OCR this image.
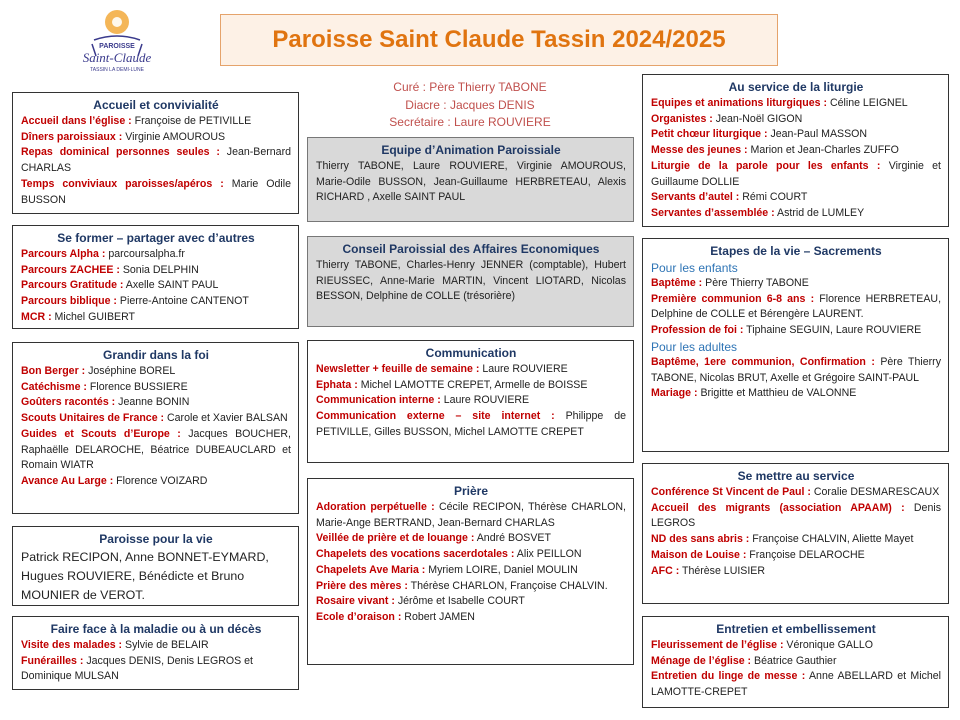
PAROISSE
Saint-Claude
TASSIN LA DEMI-LUNE
Paroisse Saint Claude Tassin 2024/2025
Curé : Père Thierry TABONE
Diacre : Jacques DENIS
Secrétaire : Laure ROUVIERE
Accueil et convivialité

Accueil dans l’église : Françoise de PETIVILLE

Dîners paroissiaux : Virginie AMOUROUS

Repas dominical personnes seules : Jean-Bernard CHARLAS

Temps conviviaux paroisses/apéros : Marie Odile BUSSON

Se former – partager avec d’autres

Parcours Alpha : parcoursalpha.fr

Parcours ZACHEE : Sonia DELPHIN

Parcours Gratitude : Axelle SAINT PAUL

Parcours biblique : Pierre-Antoine CANTENOT

MCR : Michel GUIBERT

Grandir dans la foi

Bon Berger : Joséphine BOREL

Catéchisme : Florence BUSSIERE

Goûters racontés : Jeanne BONIN

Scouts Unitaires de France : Carole et Xavier BALSAN

Guides et Scouts d’Europe : Jacques BOUCHER, Raphaëlle DELAROCHE, Béatrice DUBEAUCLARD et Romain WIATR

Avance Au Large : Florence VOIZARD

Paroisse pour la vie

Patrick RECIPON, Anne BONNET-EYMARD, Hugues ROUVIERE, Bénédicte et Bruno MOUNIER de VEROT.

Faire face à la maladie ou à un décès

Visite des malades : Sylvie de BELAIR

Funérailles : Jacques DENIS, Denis LEGROS et Dominique MULSAN

Equipe d’Animation Paroissiale

Thierry TABONE, Laure ROUVIERE, Virginie AMOUROUS, Marie-Odile BUSSON, Jean-Guillaume HERBRETEAU, Alexis RICHARD , Axelle SAINT PAUL

Conseil Paroissial des Affaires Economiques

Thierry TABONE, Charles-Henry JENNER (comptable), Hubert RIEUSSEC, Anne-Marie MARTIN, Vincent LIOTARD, Nicolas BESSON, Delphine de COLLE (trésorière)

Communication

Newsletter + feuille de semaine : Laure ROUVIERE

Ephata : Michel LAMOTTE CREPET, Armelle de BOISSE

Communication interne : Laure ROUVIERE

Communication externe – site internet : Philippe de PETIVILLE, Gilles BUSSON, Michel LAMOTTE CREPET

Prière

Adoration perpétuelle : Cécile RECIPON, Thérèse CHARLON, Marie-Ange BERTRAND, Jean-Bernard CHARLAS

Veillée de prière et de louange : André BOSVET

Chapelets des vocations sacerdotales : Alix PEILLON

Chapelets Ave Maria : Myriem LOIRE, Daniel MOULIN

Prière des mères : Thérèse CHARLON, Françoise CHALVIN.

Rosaire vivant : Jérôme et Isabelle COURT

Ecole d’oraison : Robert JAMEN

Au service de la liturgie

Equipes et animations liturgiques : Céline LEIGNEL

Organistes : Jean-Noël GIGON

Petit chœur liturgique : Jean-Paul MASSON

Messe des jeunes : Marion et Jean-Charles ZUFFO

Liturgie de la parole pour les enfants : Virginie et Guillaume DOLLIE

Servants d’autel : Rémi COURT

Servantes d’assemblée : Astrid de LUMLEY

Etapes de la vie – Sacrements

Pour les enfants

Baptême : Père Thierry TABONE

Première communion 6-8 ans : Florence HERBRETEAU, Delphine de COLLE et Bérengère LAURENT.

Profession de foi : Tiphaine SEGUIN, Laure ROUVIERE

Pour les adultes

Baptême, 1ere communion, Confirmation : Père Thierry TABONE, Nicolas BRUT, Axelle et Grégoire SAINT-PAUL

Mariage : Brigitte et Matthieu de VALONNE

Se mettre au service

Conférence St Vincent de Paul : Coralie DESMARESCAUX

Accueil des migrants (association APAAM) : Denis LEGROS

ND des sans abris : Françoise CHALVIN, Aliette Mayet

Maison de Louise : Françoise DELAROCHE

AFC : Thérèse LUISIER

Entretien et embellissement

Fleurissement de l’église : Véronique GALLO

Ménage de l’église : Béatrice Gauthier

Entretien du linge de messe : Anne ABELLARD et Michel LAMOTTE-CREPET
